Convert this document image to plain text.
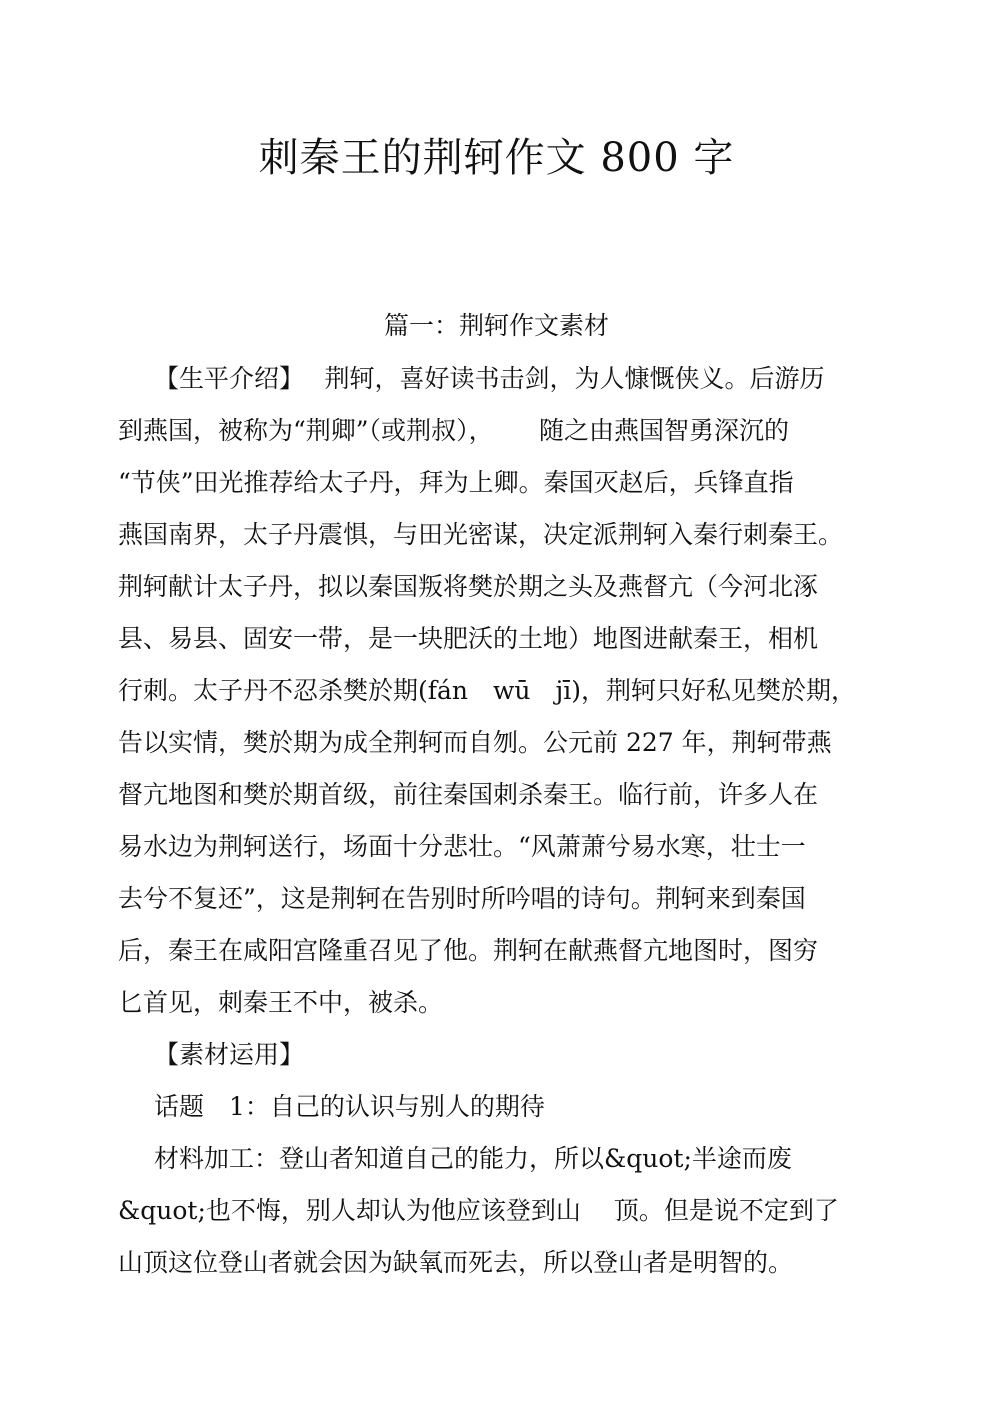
刺秦王的荆轲作文 800 字
篇一：荆轲作文素材
【生平介绍】　 荆轲，喜好读书击剑，为人慷慨侠义。后游历
到燕国，被称为“荆卿”（或荆叔），　　 随之由燕国智勇深沉的
“节侠”田光推荐给太子丹，拜为上卿。秦国灭赵后，兵锋直指
燕国南界，太子丹震惧，与田光密谋，决定派荆轲入秦行刺秦王。
荆轲献计太子丹，拟以秦国叛将樊於期之头及燕督亢（今河北涿
县、易县、固安一带，是一块肥沃的土地）地图进献秦王，相机
行刺。太子丹不忍杀樊於期(fán　wū　jī)，荆轲只好私见樊於期，
告以实情，樊於期为成全荆轲而自刎。公元前 227 年，荆轲带燕
督亢地图和樊於期首级，前往秦国刺杀秦王。临行前，许多人在
易水边为荆轲送行，场面十分悲壮。“风萧萧兮易水寒，壮士一
去兮不复还”，这是荆轲在告别时所吟唱的诗句。荆轲来到秦国
后，秦王在咸阳宫隆重召见了他。荆轲在献燕督亢地图时，图穷
匕首见，刺秦王不中，被杀。
【素材运用】
话题　1：自己的认识与别人的期待
材料加工：登山者知道自己的能力，所以&quot;半途而废
&quot;也不悔，别人却认为他应该登到山　 顶。但是说不定到了
山顶这位登山者就会因为缺氧而死去，所以登山者是明智的。
